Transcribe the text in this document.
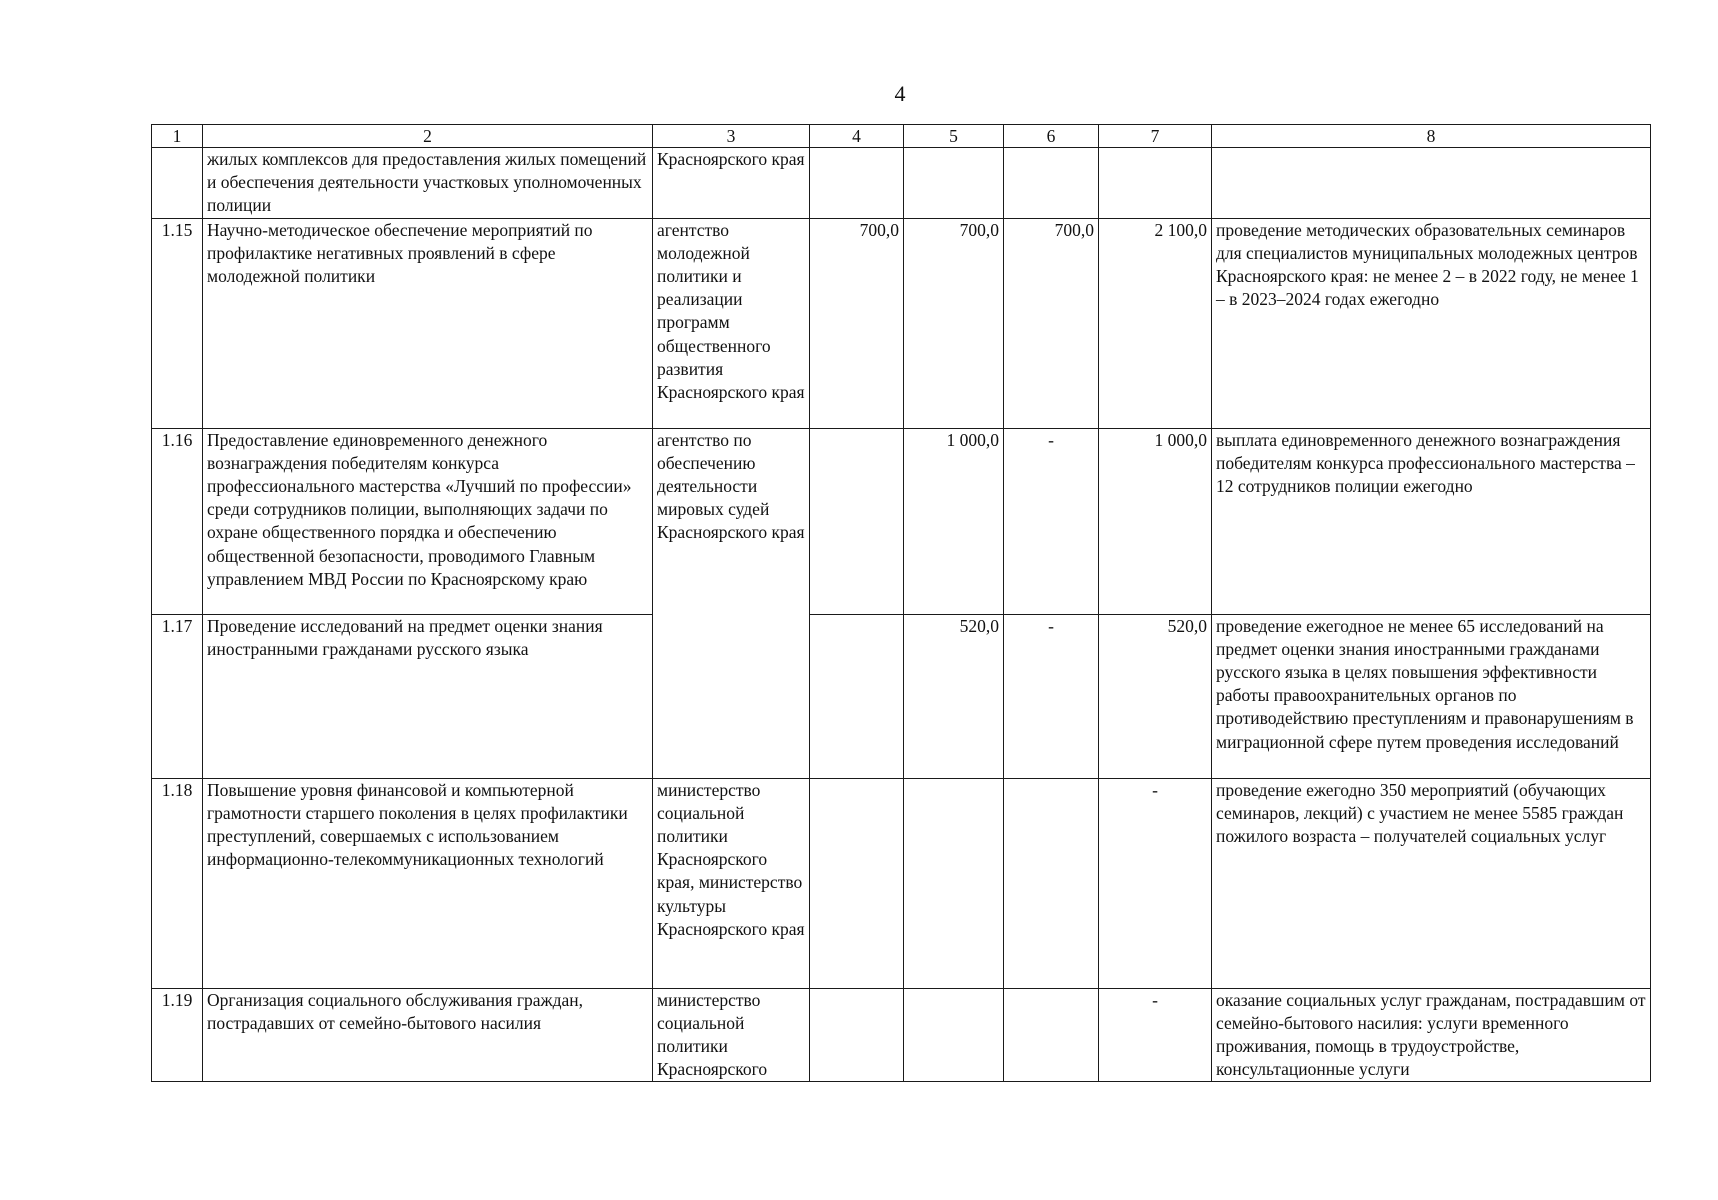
4
1	2	3	4	5	6	7	8
	жилых комплексов для предоставления жилых помещений и обеспечения деятельности участковых уполномоченных полиции	Красноярского края					
1.15	Научно-методическое обеспечение мероприятий по профилактике негативных проявлений в сфере молодежной политики	агентство молодежной политики и реализации программ общественного развития Красноярского края	700,0	700,0	700,0	2 100,0	проведение методических образовательных семинаров для специалистов муниципальных молодежных центров Красноярского края: не менее 2 – в 2022 году, не менее 1 – в 2023–2024 годах ежегодно
1.16	Предоставление единовременного денежного вознаграждения победителям конкурса профессионального мастерства «Лучший по профессии» среди сотрудников полиции, выполняющих задачи по охране общественного порядка и обеспечению общественной безопасности, проводимого Главным управлением МВД России по Красноярскому краю	агентство по обеспечению деятельности мировых судей Красноярского края		1 000,0	-	1 000,0	выплата единовременного денежного вознаграждения победителям конкурса профессионального мастерства – 12 сотрудников полиции ежегодно
1.17	Проведение исследований на предмет оценки знания иностранными гражданами русского языка			520,0	-	520,0	проведение ежегодное не менее 65 исследований на предмет оценки знания иностранными гражданами русского языка в целях повышения эффективности работы правоохранительных органов по противодействию преступлениям и правонарушениям в миграционной сфере путем проведения исследований
1.18	Повышение уровня финансовой и компьютерной грамотности старшего поколения в целях профилактики преступлений, совершаемых с использованием информационно-телекоммуникационных технологий	министерство социальной политики Красноярского края, министерство культуры Красноярского края				-	проведение ежегодно 350 мероприятий (обучающих семинаров, лекций) с участием не менее 5585 граждан пожилого возраста – получателей социальных услуг
1.19	Организация социального обслуживания граждан, пострадавших от семейно-бытового насилия	министерство социальной политики Красноярского				-	оказание социальных услуг гражданам, пострадавшим от семейно-бытового насилия: услуги временного проживания, помощь в трудоустройстве, консультационные услуги
